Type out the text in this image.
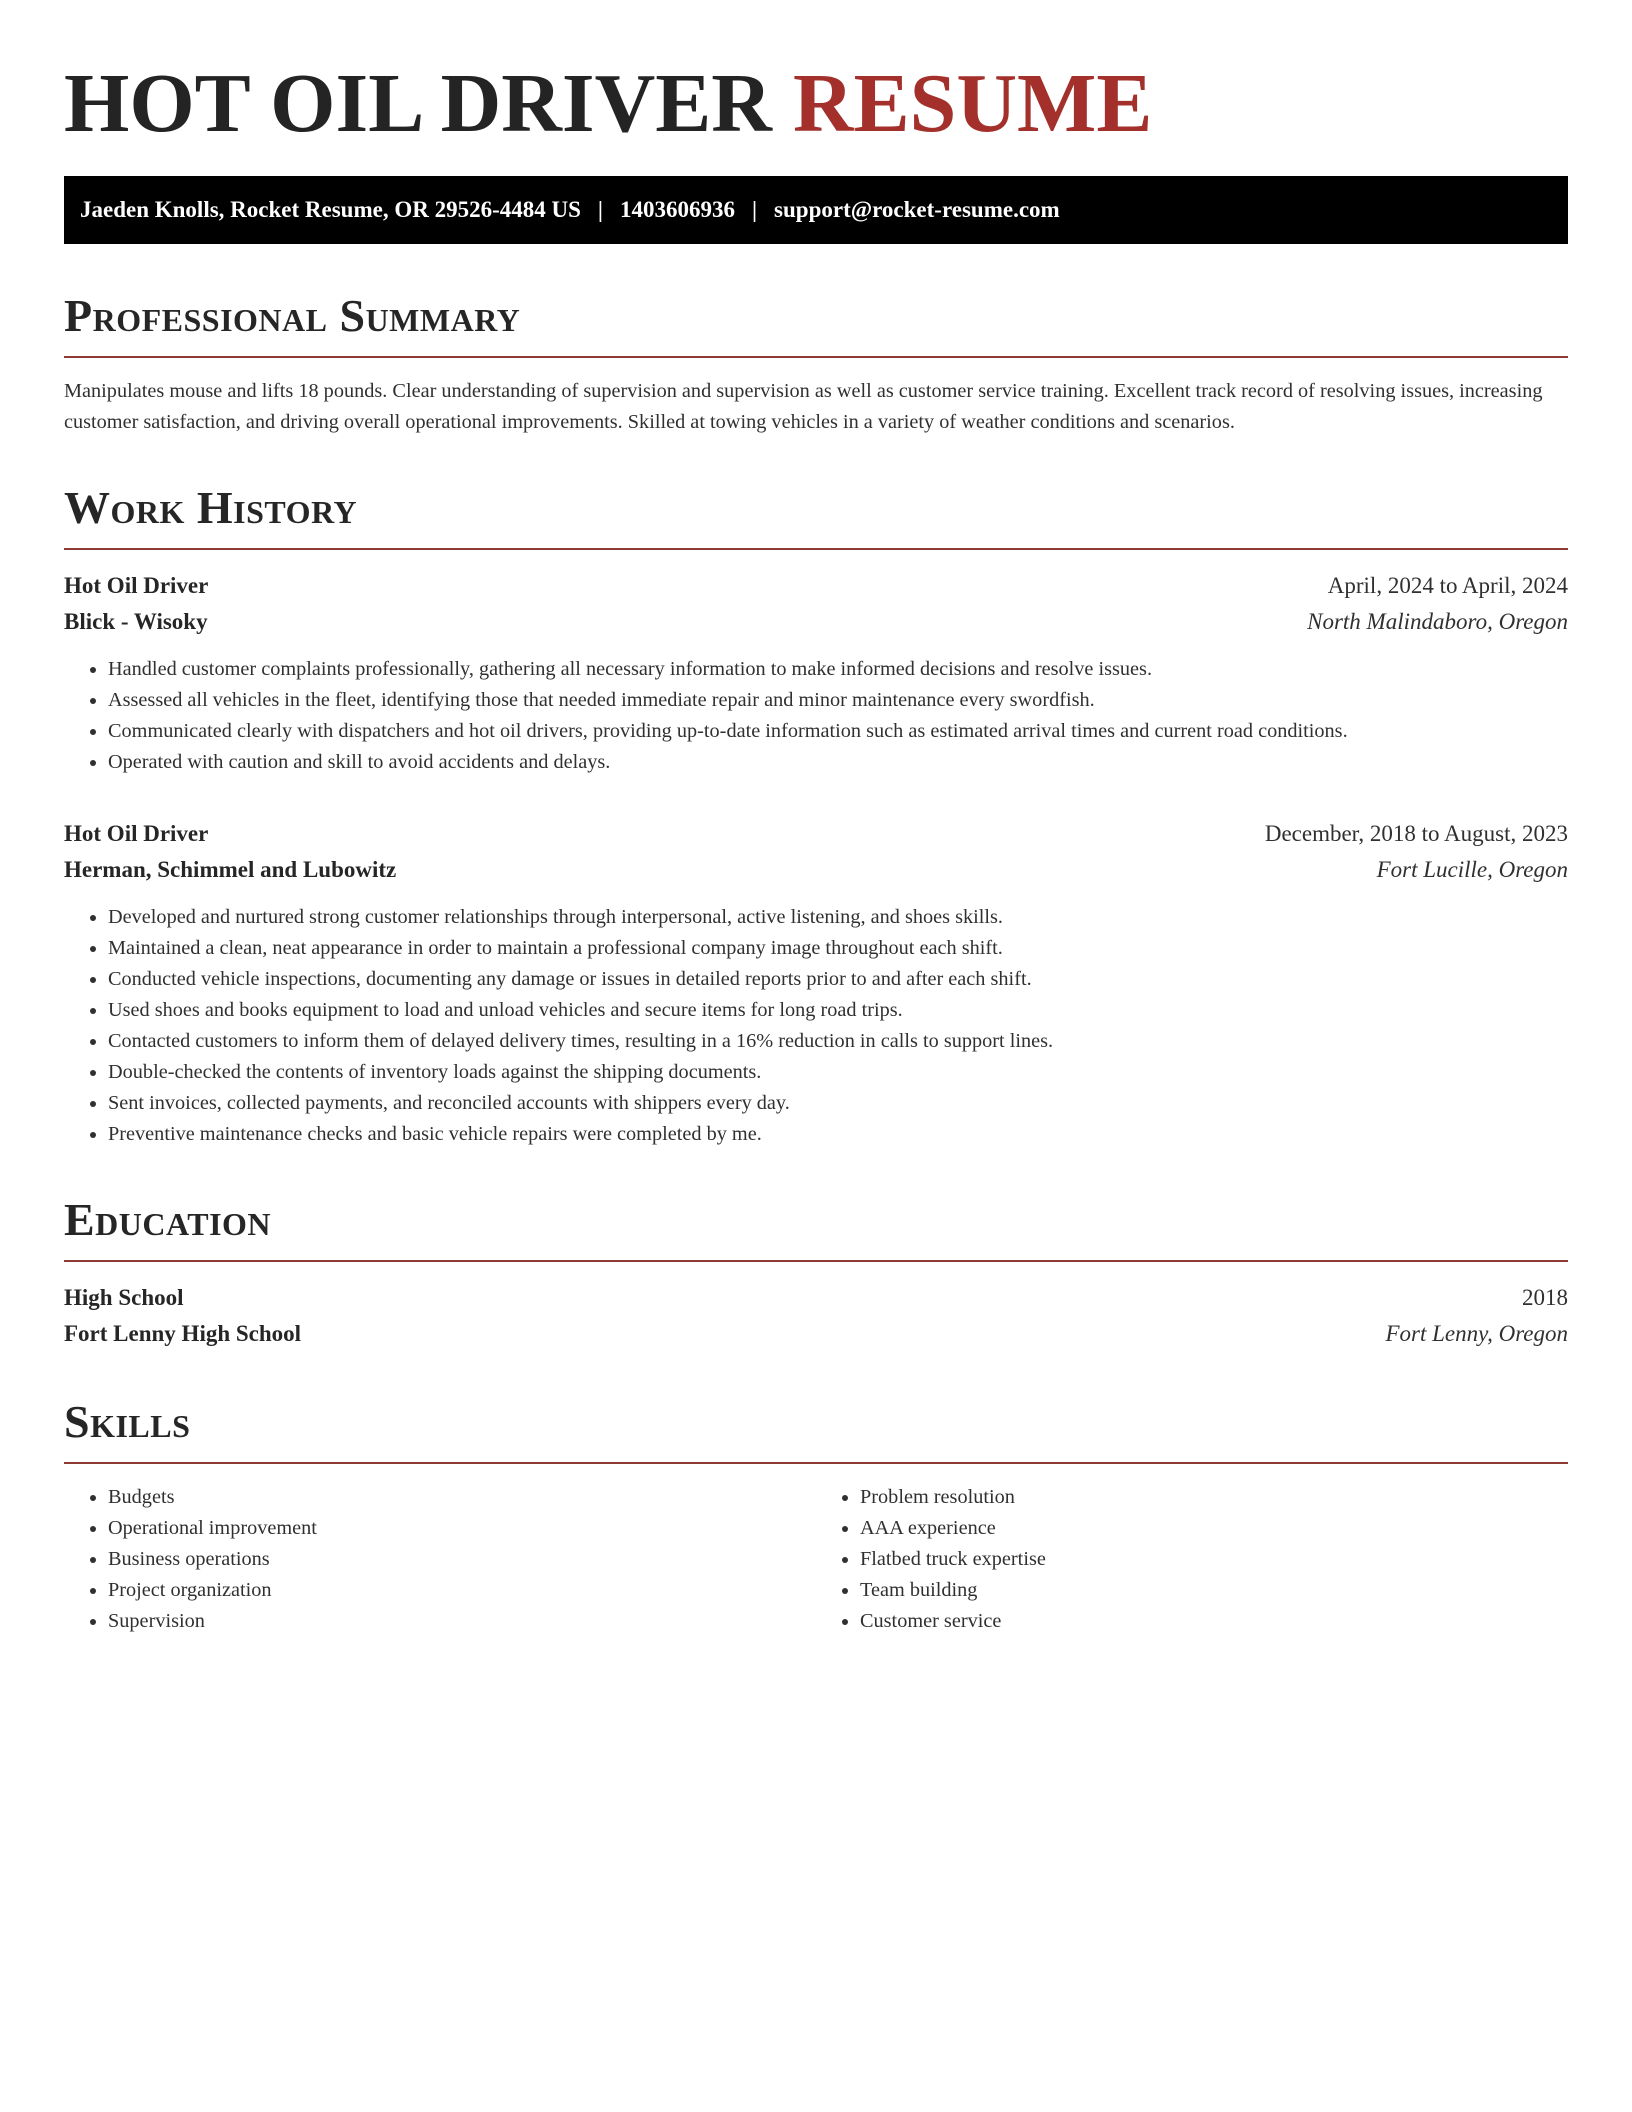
HOT OIL DRIVER RESUME
Jaeden Knolls, Rocket Resume, OR 29526-4484 US | 1403606936 | support@rocket-resume.com
Professional Summary

Manipulates mouse and lifts 18 pounds. Clear understanding of supervision and supervision as well as customer service training. Excellent track record of resolving issues, increasing customer satisfaction, and driving overall operational improvements. Skilled at towing vehicles in a variety of weather conditions and scenarios.

Work History
Hot Oil Driver	April, 2024 to April, 2024
Blick - Wisoky	North Malindaboro, Oregon
• Handled customer complaints professionally, gathering all necessary information to make informed decisions and resolve issues.
• Assessed all vehicles in the fleet, identifying those that needed immediate repair and minor maintenance every swordfish.
• Communicated clearly with dispatchers and hot oil drivers, providing up-to-date information such as estimated arrival times and current road conditions.
• Operated with caution and skill to avoid accidents and delays.
Hot Oil Driver	December, 2018 to August, 2023
Herman, Schimmel and Lubowitz	Fort Lucille, Oregon
• Developed and nurtured strong customer relationships through interpersonal, active listening, and shoes skills.
• Maintained a clean, neat appearance in order to maintain a professional company image throughout each shift.
• Conducted vehicle inspections, documenting any damage or issues in detailed reports prior to and after each shift.
• Used shoes and books equipment to load and unload vehicles and secure items for long road trips.
• Contacted customers to inform them of delayed delivery times, resulting in a 16% reduction in calls to support lines.
• Double-checked the contents of inventory loads against the shipping documents.
• Sent invoices, collected payments, and reconciled accounts with shippers every day.
• Preventive maintenance checks and basic vehicle repairs were completed by me.
Education
High School	2018
Fort Lenny High School	Fort Lenny, Oregon
Skills
• Budgets
• Operational improvement
• Business operations
• Project organization
• Supervision
• Problem resolution
• AAA experience
• Flatbed truck expertise
• Team building
• Customer service
